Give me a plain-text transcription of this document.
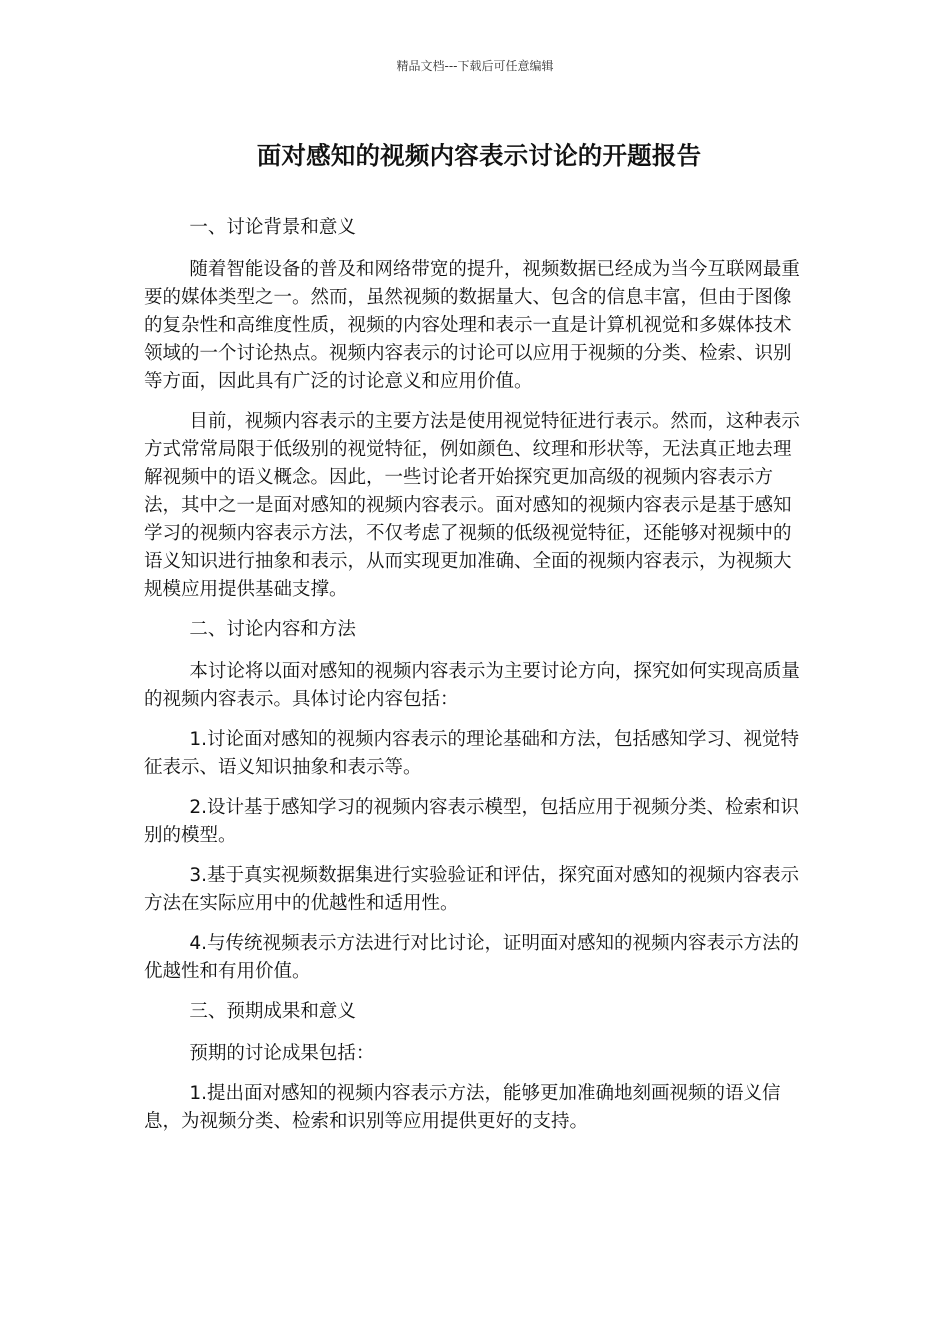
精品文档---下载后可任意编辑
面对感知的视频内容表示讨论的开题报告

一、讨论背景和意义

随着智能设备的普及和网络带宽的提升，视频数据已经成为当今互联网最重要的媒体类型之一。然而，虽然视频的数据量大、包含的信息丰富，但由于图像的复杂性和高维度性质，视频的内容处理和表示一直是计算机视觉和多媒体技术领域的一个讨论热点。视频内容表示的讨论可以应用于视频的分类、检索、识别等方面，因此具有广泛的讨论意义和应用价值。

目前，视频内容表示的主要方法是使用视觉特征进行表示。然而，这种表示方式常常局限于低级别的视觉特征，例如颜色、纹理和形状等，无法真正地去理解视频中的语义概念。因此，一些讨论者开始探究更加高级的视频内容表示方法，其中之一是面对感知的视频内容表示。面对感知的视频内容表示是基于感知学习的视频内容表示方法，不仅考虑了视频的低级视觉特征，还能够对视频中的语义知识进行抽象和表示，从而实现更加准确、全面的视频内容表示，为视频大规模应用提供基础支撑。

二、讨论内容和方法

本讨论将以面对感知的视频内容表示为主要讨论方向，探究如何实现高质量的视频内容表示。具体讨论内容包括：

1.讨论面对感知的视频内容表示的理论基础和方法，包括感知学习、视觉特征表示、语义知识抽象和表示等。

2.设计基于感知学习的视频内容表示模型，包括应用于视频分类、检索和识别的模型。

3.基于真实视频数据集进行实验验证和评估，探究面对感知的视频内容表示方法在实际应用中的优越性和适用性。

4.与传统视频表示方法进行对比讨论，证明面对感知的视频内容表示方法的优越性和有用价值。

三、预期成果和意义

预期的讨论成果包括：

1.提出面对感知的视频内容表示方法，能够更加准确地刻画视频的语义信息，为视频分类、检索和识别等应用提供更好的支持。
